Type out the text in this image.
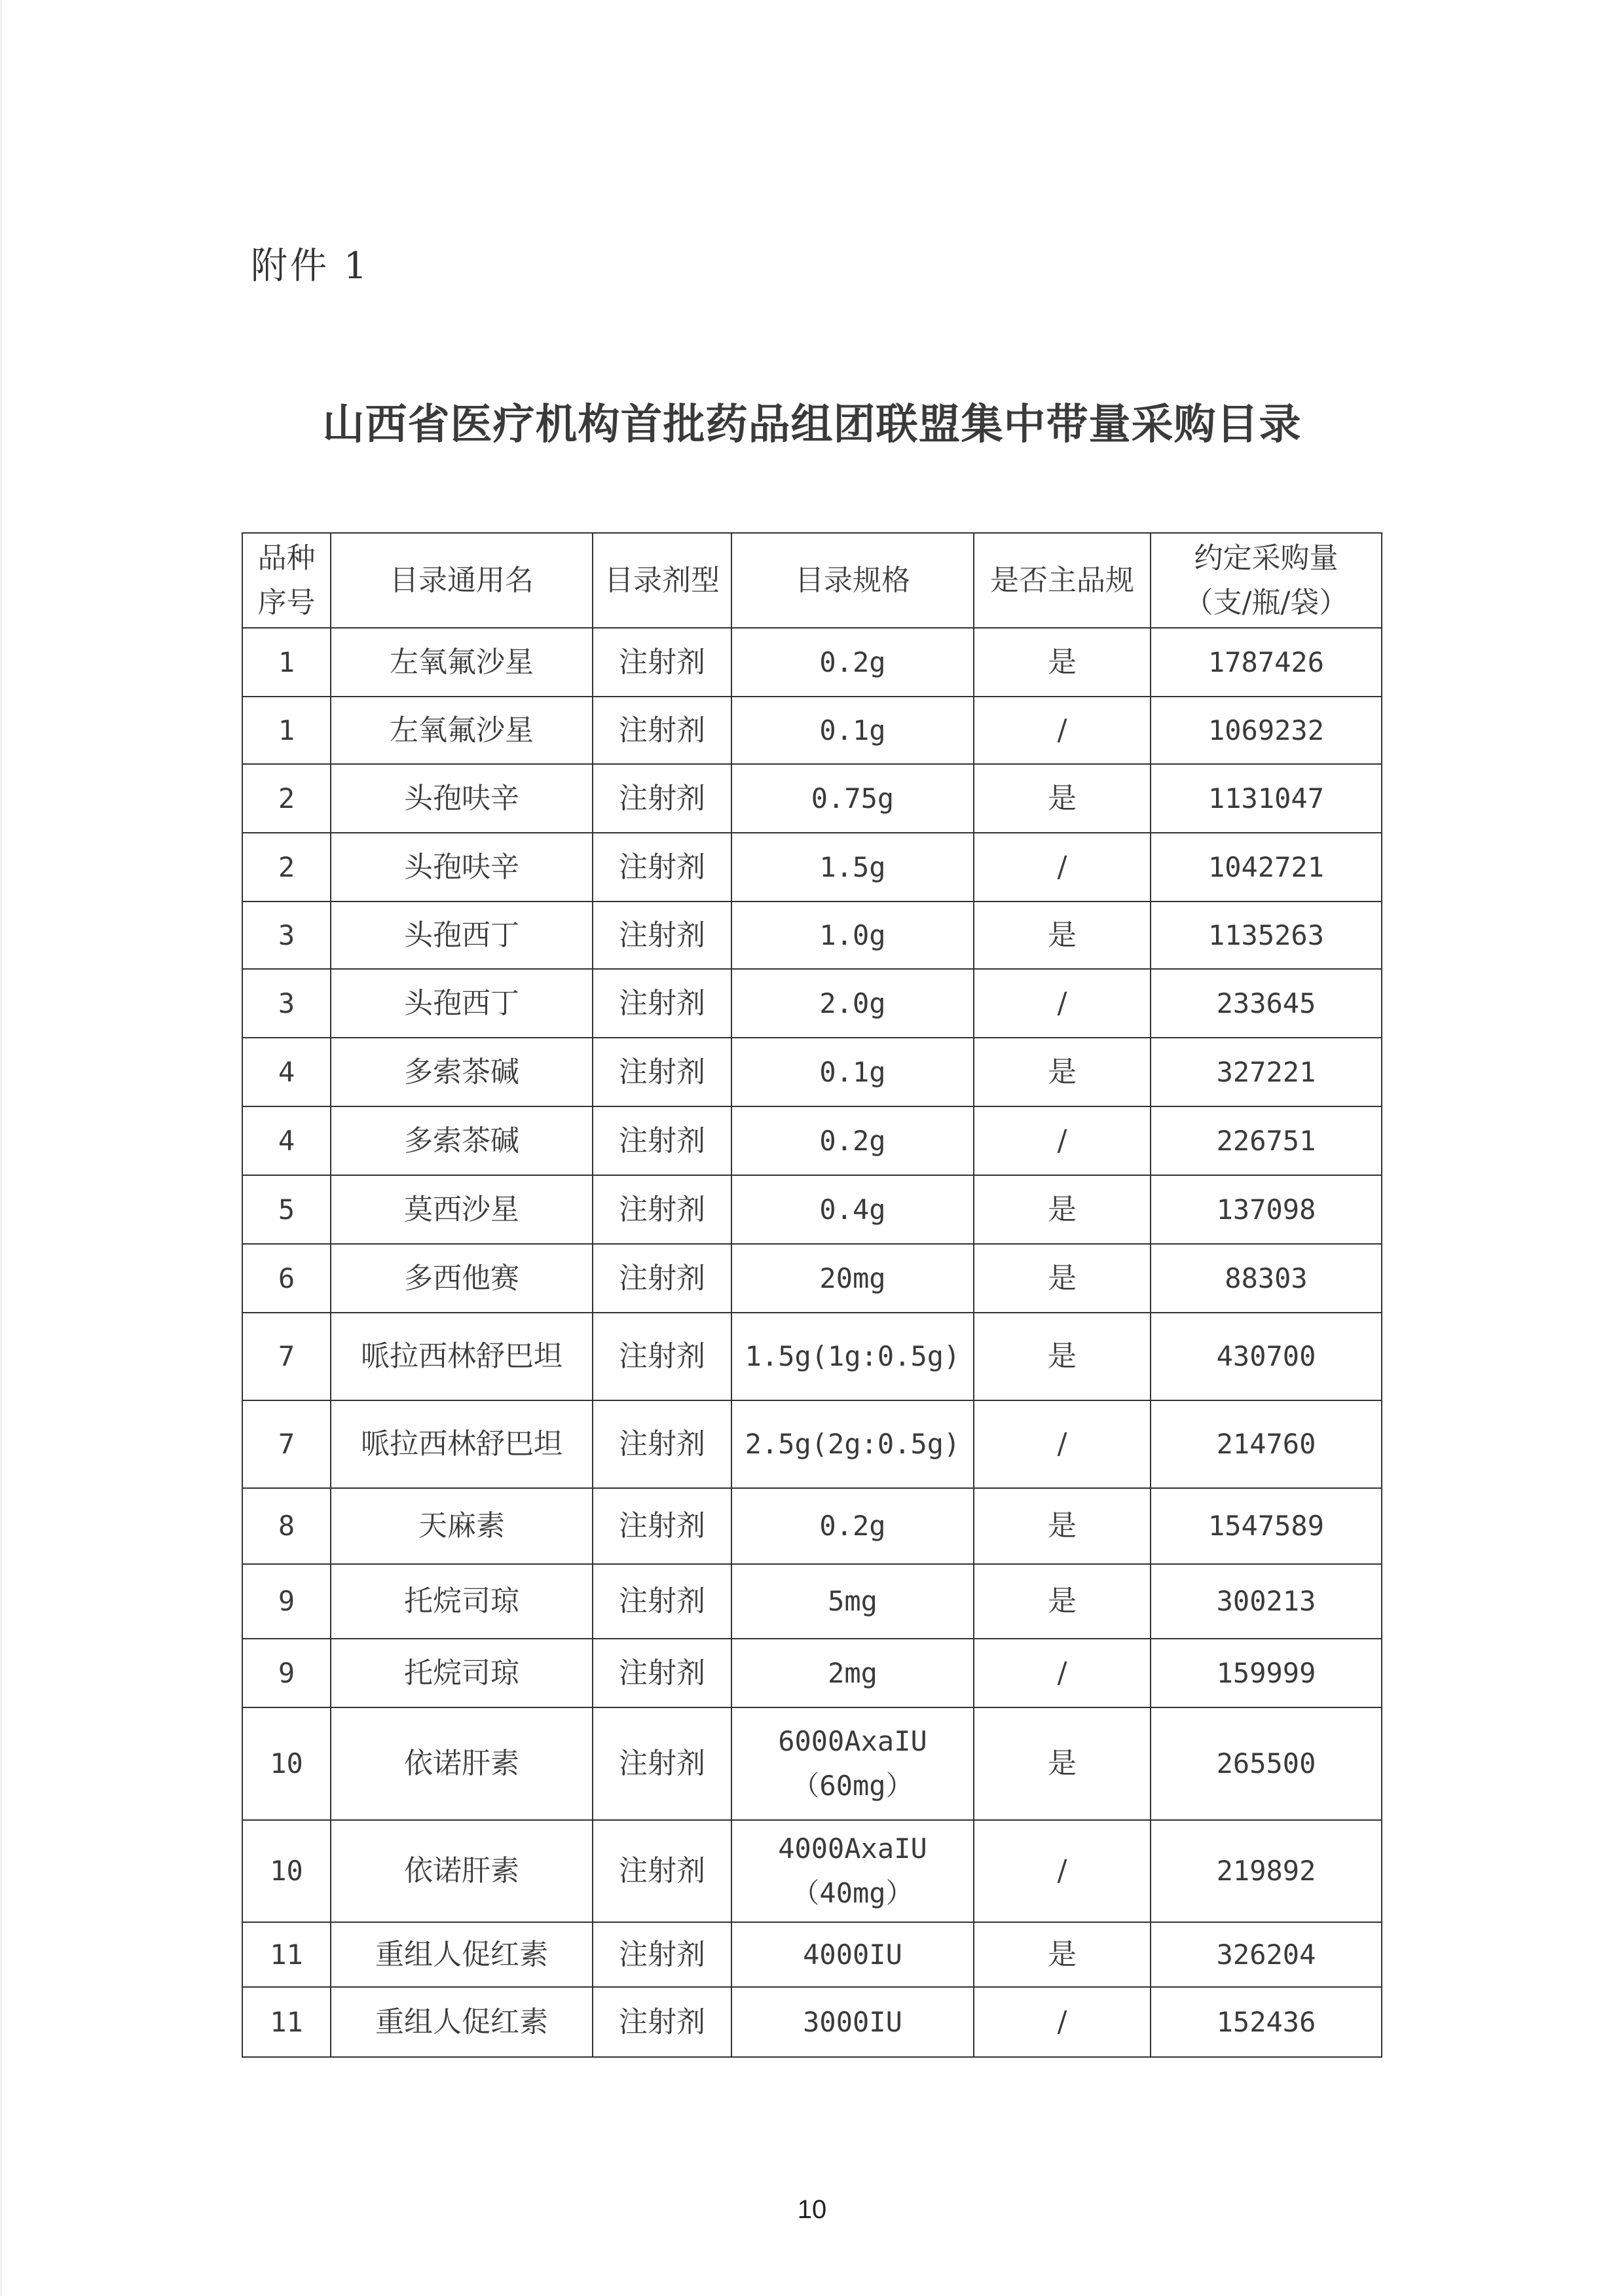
附件 1
山西省医疗机构首批药品组团联盟集中带量采购目录
品种
序号	目录通用名	目录剂型	目录规格	是否主品规	约定采购量
（支/瓶/袋）
1	左氧氟沙星	注射剂	0.2g	是	1787426
1	左氧氟沙星	注射剂	0.1g	/	1069232
2	头孢呋辛	注射剂	0.75g	是	1131047
2	头孢呋辛	注射剂	1.5g	/	1042721
3	头孢西丁	注射剂	1.0g	是	1135263
3	头孢西丁	注射剂	2.0g	/	233645
4	多索茶碱	注射剂	0.1g	是	327221
4	多索茶碱	注射剂	0.2g	/	226751
5	莫西沙星	注射剂	0.4g	是	137098
6	多西他赛	注射剂	20mg	是	88303
7	哌拉西林舒巴坦	注射剂	1.5g(1g:0.5g)	是	430700
7	哌拉西林舒巴坦	注射剂	2.5g(2g:0.5g)	/	214760
8	天麻素	注射剂	0.2g	是	1547589
9	托烷司琼	注射剂	5mg	是	300213
9	托烷司琼	注射剂	2mg	/	159999
10	依诺肝素	注射剂	6000AxaIU
（60mg）	是	265500
10	依诺肝素	注射剂	4000AxaIU
（40mg）	/	219892
11	重组人促红素	注射剂	4000IU	是	326204
11	重组人促红素	注射剂	3000IU	/	152436
10
